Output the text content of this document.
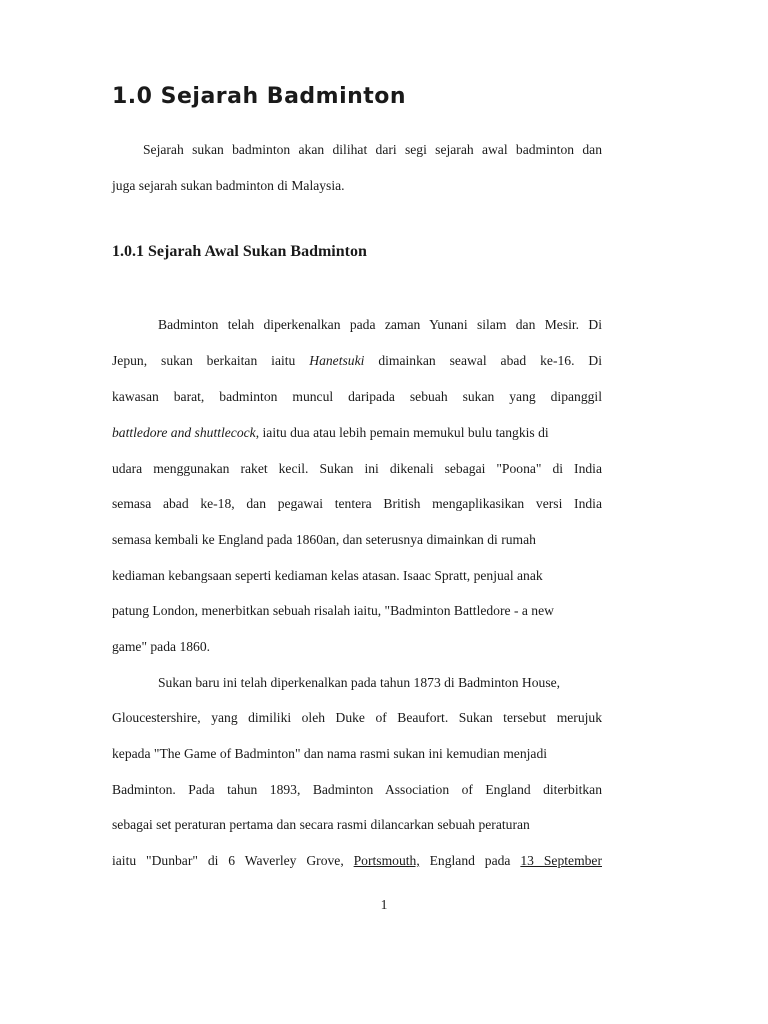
1.0 Sejarah Badminton
Sejarah sukan badminton akan dilihat dari segi sejarah awal badminton dan
juga sejarah sukan badminton di Malaysia.
1.0.1 Sejarah Awal Sukan Badminton
Badminton telah diperkenalkan pada zaman Yunani silam dan Mesir. Di
Jepun, sukan berkaitan iaitu Hanetsuki dimainkan seawal abad ke-16. Di
kawasan barat, badminton muncul daripada sebuah sukan yang dipanggil
battledore and shuttlecock, iaitu dua atau lebih pemain memukul bulu tangkis di
udara menggunakan raket kecil. Sukan ini dikenali sebagai "Poona" di India
semasa abad ke-18, dan pegawai tentera British mengaplikasikan versi India
semasa kembali ke England pada 1860an, dan seterusnya dimainkan di rumah
kediaman kebangsaan seperti kediaman kelas atasan. Isaac Spratt, penjual anak
patung London, menerbitkan sebuah risalah iaitu, "Badminton Battledore - a new
game" pada 1860.
Sukan baru ini telah diperkenalkan pada tahun 1873 di Badminton House,
Gloucestershire, yang dimiliki oleh Duke of Beaufort. Sukan tersebut merujuk
kepada "The Game of Badminton" dan nama rasmi sukan ini kemudian menjadi
Badminton. Pada tahun 1893, Badminton Association of England diterbitkan
sebagai set peraturan pertama dan secara rasmi dilancarkan sebuah peraturan
iaitu "Dunbar" di 6 Waverley Grove, Portsmouth, England pada 13 September
1
